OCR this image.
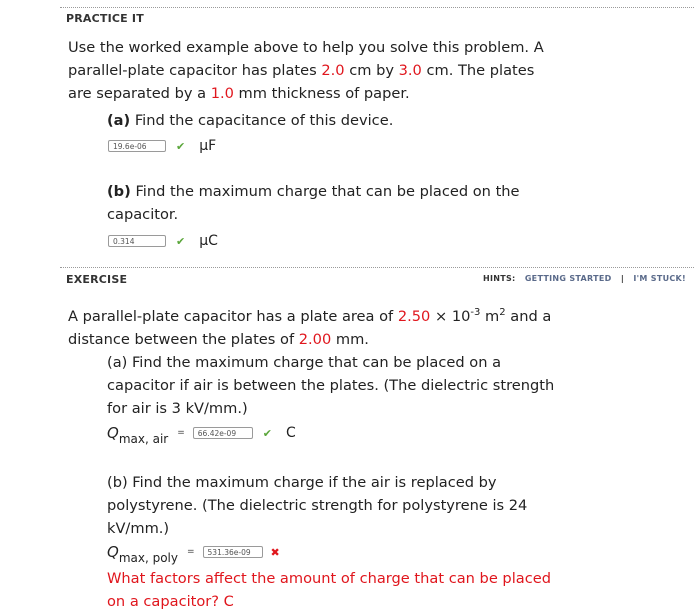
PRACTICE IT
Use the worked example above to help you solve this problem. A
parallel-plate capacitor has plates 2.0 cm by 3.0 cm. The plates
are separated by a 1.0 mm thickness of paper.
(a) Find the capacitance of this device.
19.6e-06	✔ µF
(b) Find the maximum charge that can be placed on the
capacitor.
0.314	✔ µC
EXERCISE	HINTS: GETTING STARTED | I'M STUCK!
A parallel-plate capacitor has a plate area of $2.50 \times 10^{-3}$ $m^2$ and a
distance between the plates of 2.00 mm.
(a) Find the maximum charge that can be placed on a
capacitor if air is between the plates. (The dielectric strength
for air is 3 kV/mm.)
$Q_{max, air}$ =	66.42e-09	✔ C
(b) Find the maximum charge if the air is replaced by
polystyrene. (The dielectric strength for polystyrene is 24
kV/mm.)
$Q_{max, poly}$ =	531.36e-09	✖
What factors affect the amount of charge that can be placed
on a capacitor? C
